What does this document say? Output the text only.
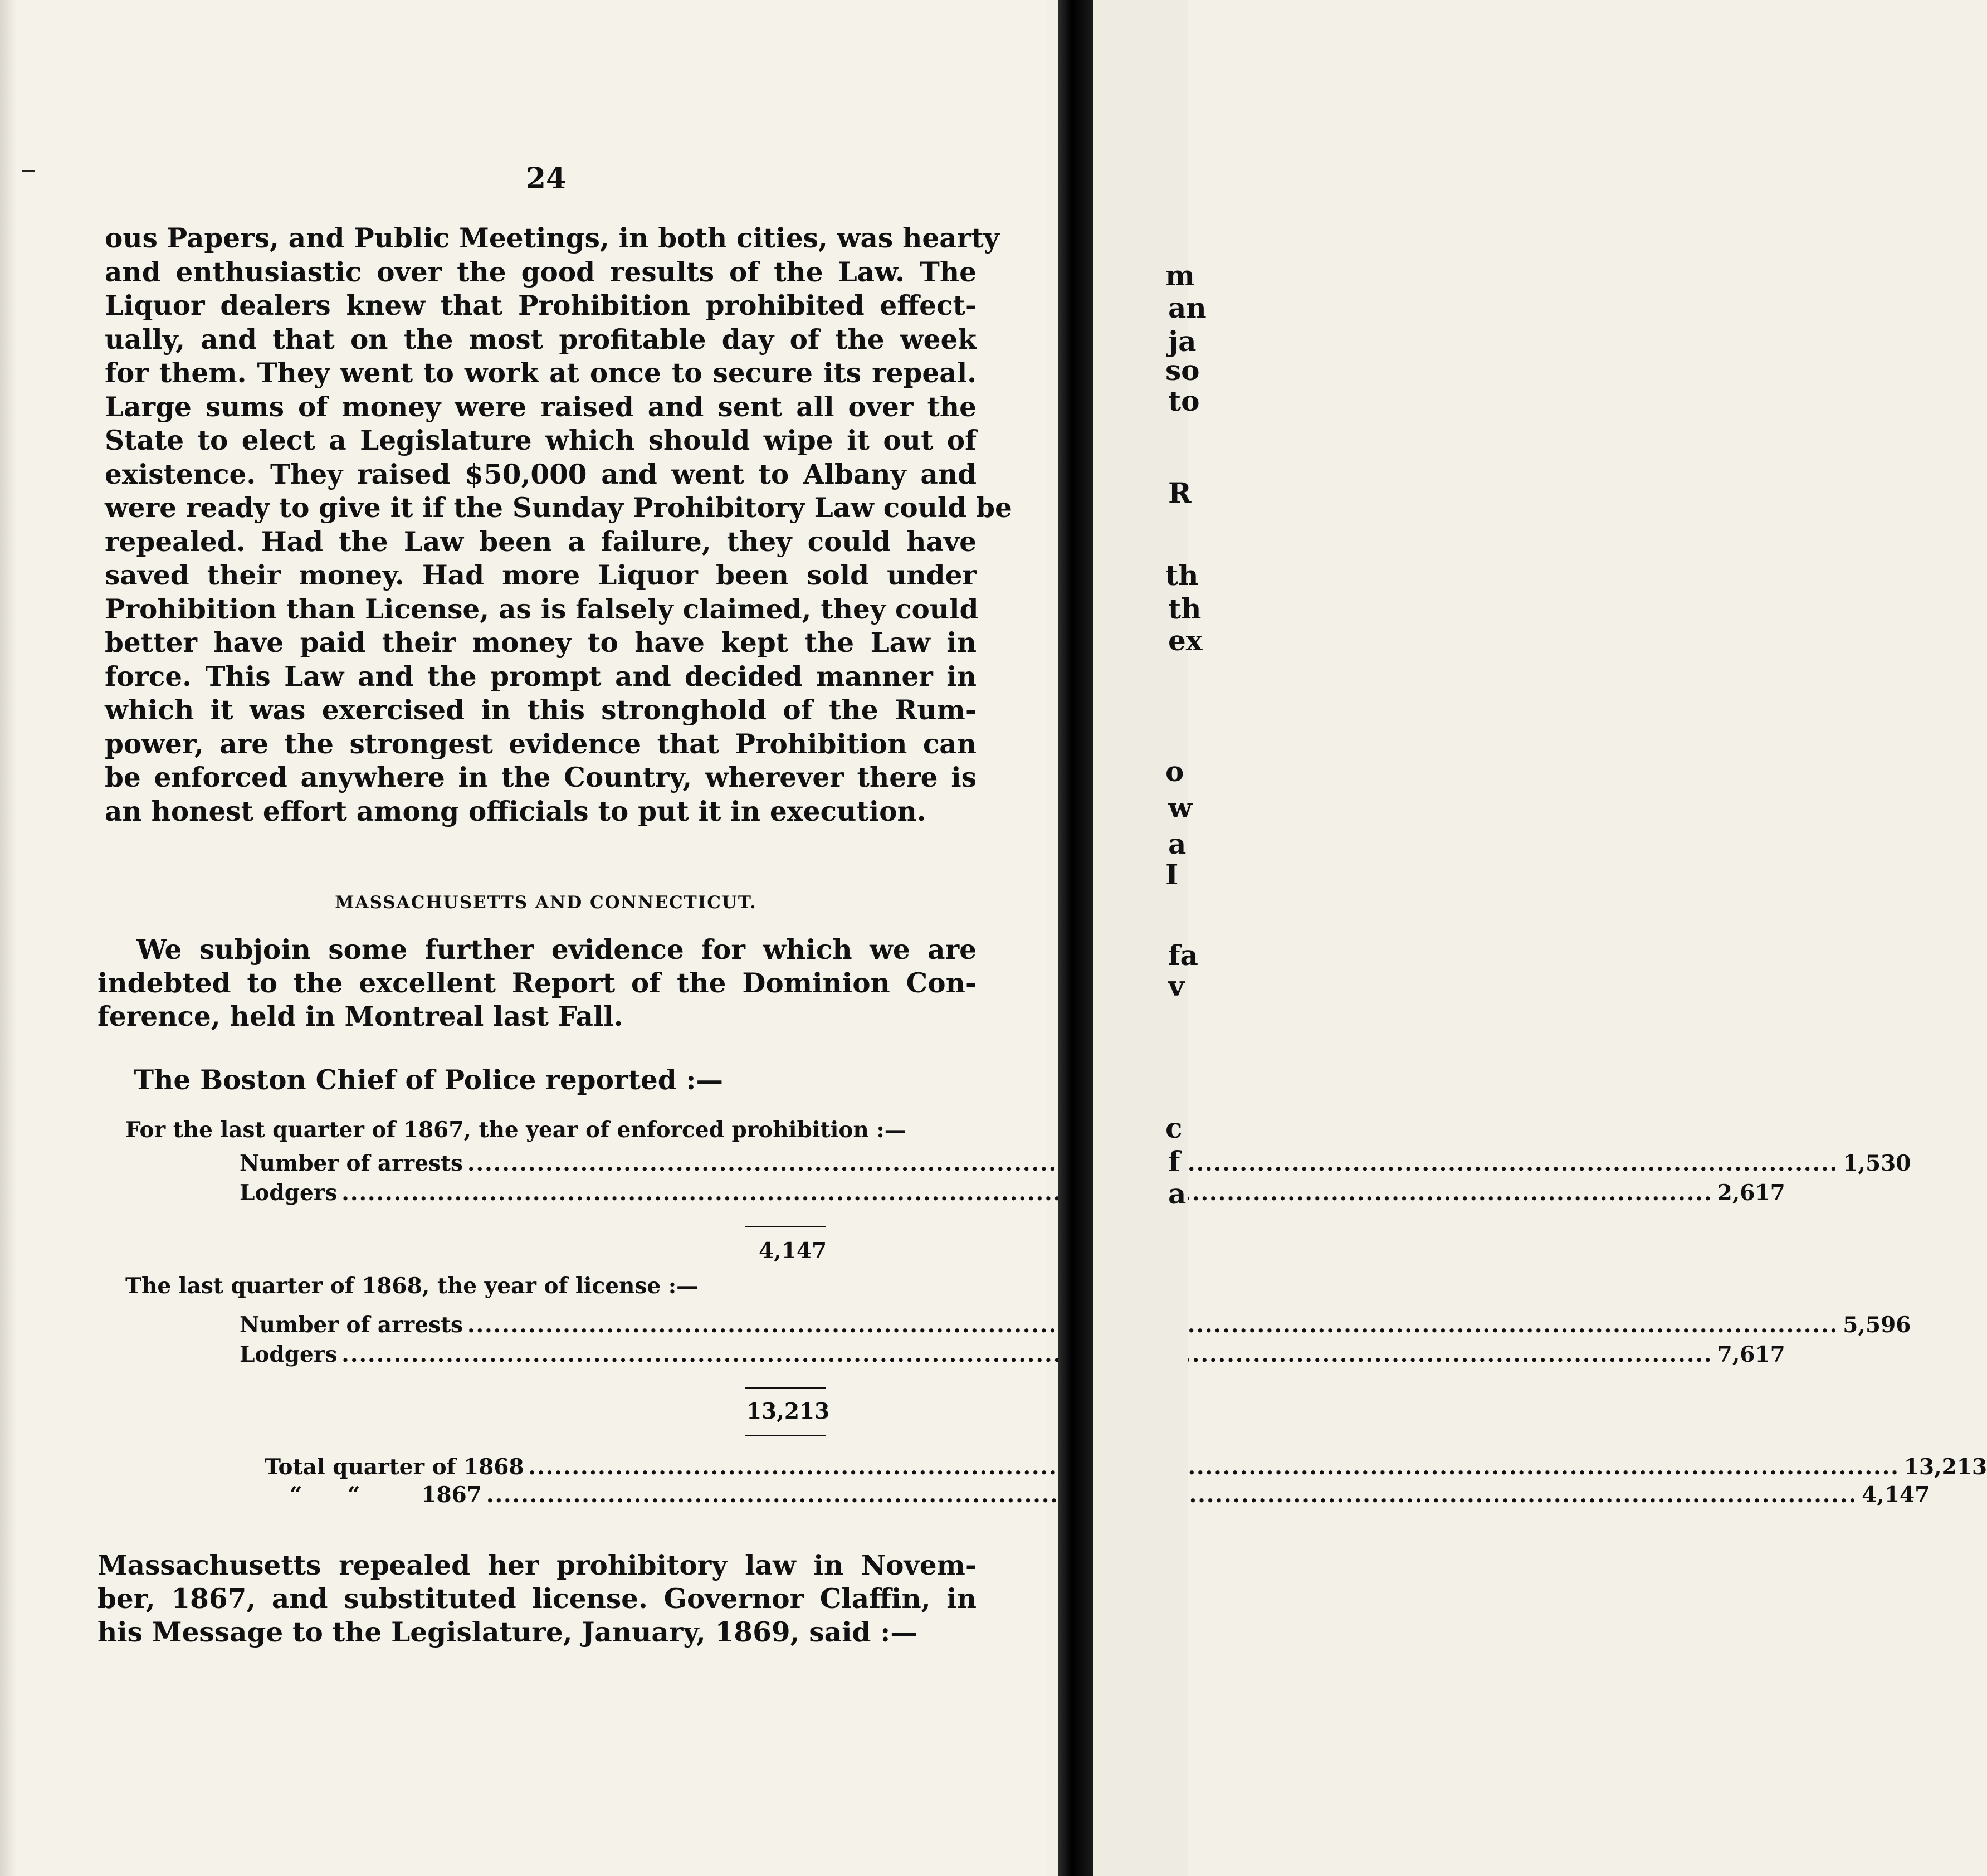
24
ous Papers, and Public Meetings, in both cities, was hearty
and enthusiastic over the good results of the Law. The
Liquor dealers knew that Prohibition prohibited effect-
ually, and that on the most profitable day of the week
for them. They went to work at once to secure its repeal.
Large sums of money were raised and sent all over the
State to elect a Legislature which should wipe it out of
existence. They raised $50,000 and went to Albany and
were ready to give it if the Sunday Prohibitory Law could be
repealed. Had the Law been a failure, they could have
saved their money. Had more Liquor been sold under
Prohibition than License, as is falsely claimed, they could
better have paid their money to have kept the Law in
force. This Law and the prompt and decided manner in
which it was exercised in this stronghold of the Rum-
power, are the strongest evidence that Prohibition can
be enforced anywhere in the Country, wherever there is
an honest effort among officials to put it in execution.
MASSACHUSETTS AND CONNECTICUT.
We subjoin some further evidence for which we are
indebted to the excellent Report of the Dominion Con-
ference, held in Montreal last Fall.
The Boston Chief of Police reported :—
For the last quarter of 1867, the year of enforced prohibition :—
Number of arrests .....	1,530
Lodgers .....	2,617
4,147
The last quarter of 1868, the year of license :—
Number of arrests .....	5,596
Lodgers .....	7,617
13,213
Total quarter of 1868 .....	13,213
“      “	1867 .....	4,147
Massachusetts repealed her prohibitory law in Novem-
ber, 1867, and substituted license. Governor Claffin, in
his Message to the Legislature, January, 1869, said :—
m
an
ja
so
to
R
th
th
ex
o
w
a
I
fa
v
c
f
a
